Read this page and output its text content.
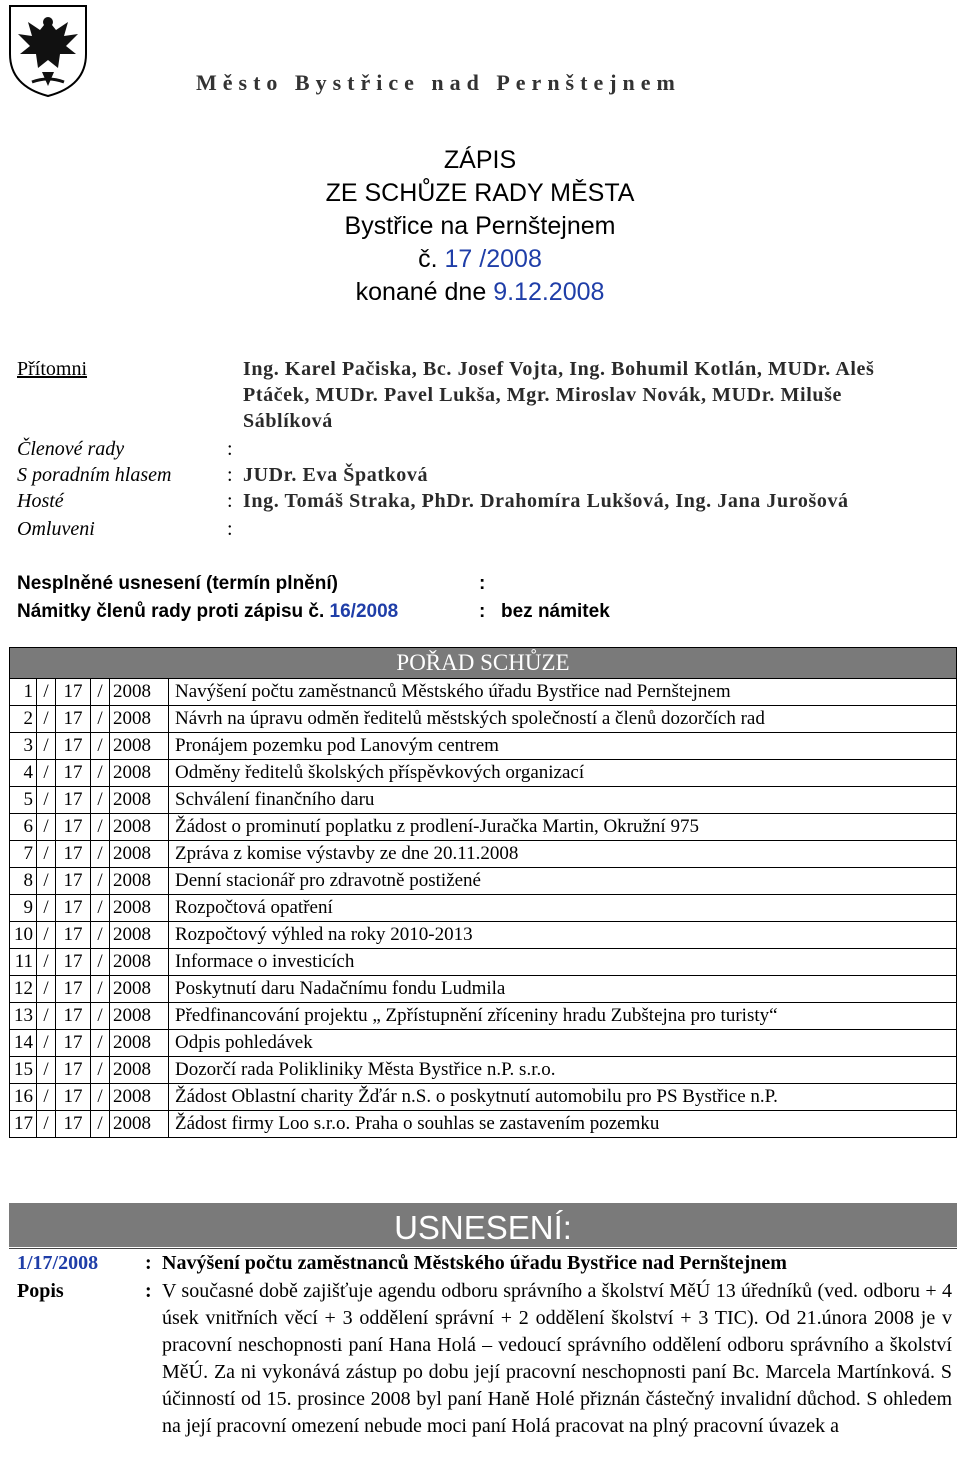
Město Bystřice nad Pernštejnem
ZÁPIS
ZE SCHŮZE RADY MĚSTA
Bystřice na Pernštejnem
č. 17 /2008
konané dne 9.12.2008
Přítomni	Ing. Karel Pačiska, Bc. Josef Vojta, Ing. Bohumil Kotlán, MUDr. Aleš
Ptáček, MUDr. Pavel Lukša, Mgr. Miroslav Novák, MUDr. Miluše
Sáblíková
Členové rady	:
S poradním hlasem	: JUDr. Eva Špatková
Hosté	: Ing. Tomáš Straka, PhDr. Drahomíra Lukšová, Ing. Jana Jurošová
Omluveni	:
Nesplněné usnesení (termín plnění)	:
Námitky členů rady proti zápisu č. 16/2008	: bez námitek
POŘAD SCHŮZE					
1	/	17	/	2008	Navýšení počtu zaměstnanců Městského úřadu Bystřice nad Pernštejnem
2	/	17	/	2008	Návrh na úpravu odměn ředitelů městských společností a členů dozorčích rad
3	/	17	/	2008	Pronájem pozemku pod Lanovým centrem
4	/	17	/	2008	Odměny ředitelů školských příspěvkových organizací
5	/	17	/	2008	Schválení finančního daru
6	/	17	/	2008	Žádost o prominutí poplatku z prodlení-Juračka Martin, Okružní 975
7	/	17	/	2008	Zpráva z komise výstavby ze dne 20.11.2008
8	/	17	/	2008	Denní stacionář pro zdravotně postižené
9	/	17	/	2008	Rozpočtová opatření
10	/	17	/	2008	Rozpočtový výhled na roky 2010-2013
11	/	17	/	2008	Informace o investicích
12	/	17	/	2008	Poskytnutí daru Nadačnímu fondu Ludmila
13	/	17	/	2008	Předfinancování projektu „ Zpřístupnění zříceniny hradu Zubštejna pro turisty“
14	/	17	/	2008	Odpis pohledávek
15	/	17	/	2008	Dozorčí rada Polikliniky Města Bystřice n.P. s.r.o.
16	/	17	/	2008	Žádost Oblastní charity Žďár n.S. o poskytnutí automobilu pro PS Bystřice n.P.
17	/	17	/	2008	Žádost firmy Loo s.r.o. Praha o souhlas se zastavením pozemku
USNESENÍ:
1/17/2008 : Navýšení počtu zaměstnanců Městského úřadu Bystřice nad Pernštejnem
Popis	: V současné době zajišťuje agendu odboru správního a školství MěÚ 13 úředníků (ved. odboru + 4 úsek vnitřních věcí + 3 oddělení správní + 2 oddělení školství + 3 TIC). Od 21.února 2008 je v pracovní neschopnosti paní Hana Holá – vedoucí správního oddělení odboru správního a školství MěÚ. Za ni vykonává zástup po dobu její pracovní neschopnosti paní Bc. Marcela Martínková. S účinností od 15. prosince 2008 byl paní Haně Holé přiznán částečný invalidní důchod. S ohledem na její pracovní omezení nebude moci paní Holá pracovat na plný pracovní úvazek a
